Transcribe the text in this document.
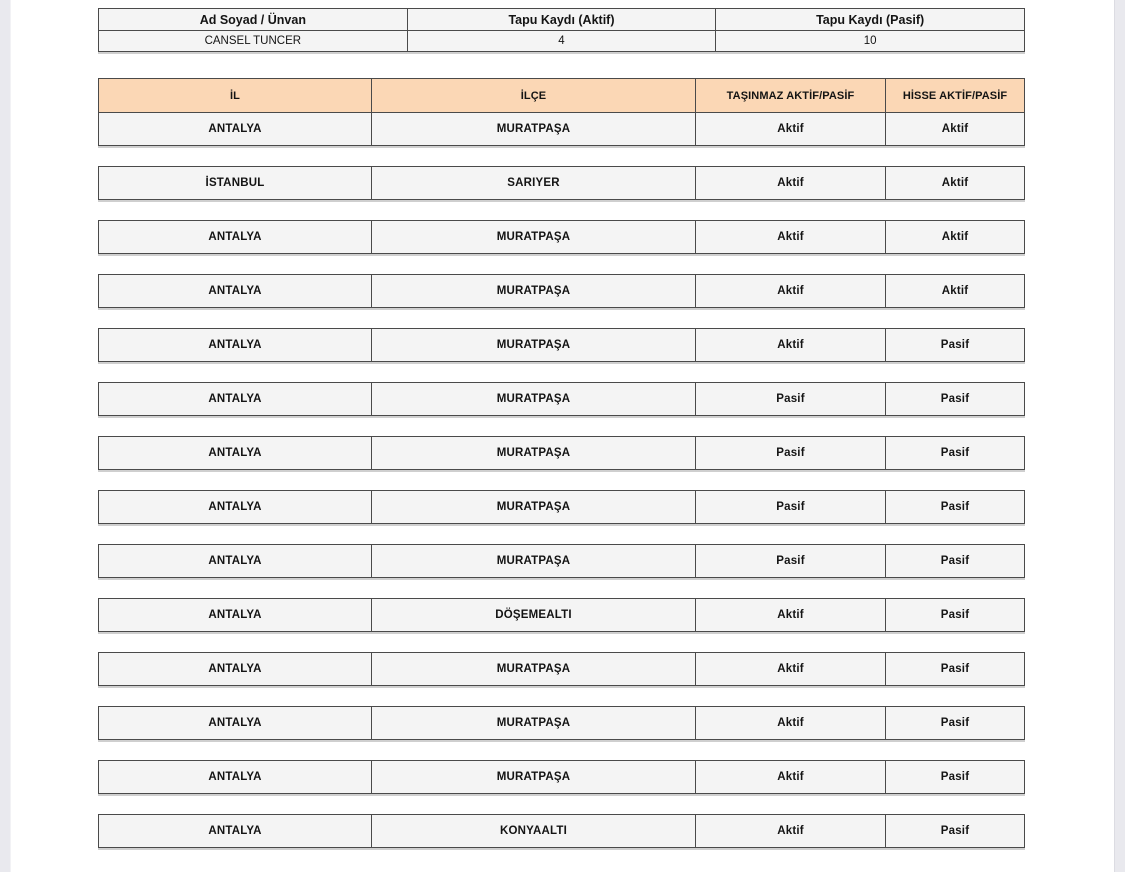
Ad Soyad / Ünvan	Tapu Kaydı (Aktif)	Tapu Kaydı (Pasif)
CANSEL TUNCER	4	10
İL	İLÇE	TAŞINMAZ AKTİF/PASİF	HİSSE AKTİF/PASİF
ANTALYA	MURATPAŞA	Aktif	Aktif
İSTANBUL	SARIYER	Aktif	Aktif
ANTALYA	MURATPAŞA	Aktif	Aktif
ANTALYA	MURATPAŞA	Aktif	Aktif
ANTALYA	MURATPAŞA	Aktif	Pasif
ANTALYA	MURATPAŞA	Pasif	Pasif
ANTALYA	MURATPAŞA	Pasif	Pasif
ANTALYA	MURATPAŞA	Pasif	Pasif
ANTALYA	MURATPAŞA	Pasif	Pasif
ANTALYA	DÖŞEMEALTI	Aktif	Pasif
ANTALYA	MURATPAŞA	Aktif	Pasif
ANTALYA	MURATPAŞA	Aktif	Pasif
ANTALYA	MURATPAŞA	Aktif	Pasif
ANTALYA	KONYAALTI	Aktif	Pasif
